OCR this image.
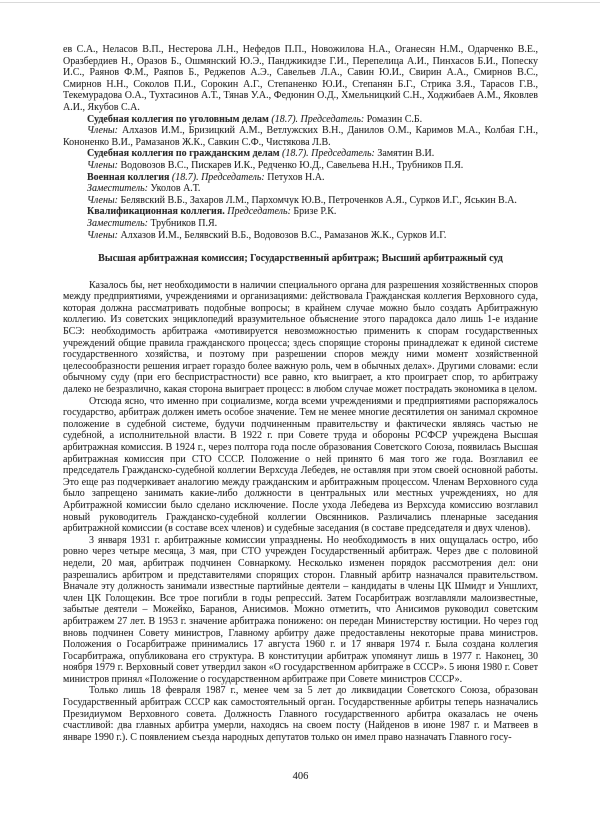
ев С.А., Неласов В.П., Нестерова Л.Н., Нефедов П.П., Новожилова Н.А., Оганесян Н.М., Одарченко В.Е., Оразбердиев Н., Оразов Б., Ошмянский Ю.Э., Панджикидзе Г.И., Перепелица А.И., Пинхасов Б.И., Попеску И.С., Раянов Ф.М., Раяпов Б., Реджепов А.Э., Савельев Л.А., Савин Ю.И., Свирин А.А., Смирнов В.С., Смирнов Н.Н., Соколов П.И., Сорокин А.Г., Степаненко Ю.И., Степанян Б.Г., Стрика З.Я., Тарасов Г.В., Текемурадова О.А., Тухтасинов А.Т., Тянав У.А., Федюнин О.Д., Хмельницкий С.Н., Ходжибаев А.М., Яковлев А.И., Якубов С.А.

Судебная коллегия по уголовным делам (18.7). Председатель: Ромазин С.Б.

Члены: Алхазов И.М., Бризицкий А.М., Ветлужских В.Н., Данилов О.М., Каримов М.А., Колбая Г.Н., Кононенко В.И., Рамазанов Ж.К., Савкин С.Ф., Чистякова Л.В.

Судебная коллегия по гражданским делам (18.7). Председатель: Замятин В.И.

Члены: Водовозов В.С., Пискарев И.К., Редченко Ю.Д., Савельева Н.Н., Трубников П.Я.

Военная коллегия (18.7). Председатель: Петухов Н.А.

Заместитель: Уколов А.Т.

Члены: Белявский В.Б., Захаров Л.М., Пархомчук Ю.В., Петроченков А.Я., Сурков И.Г., Яськин В.А.

Квалификационная коллегия. Председатель: Бризе Р.К.

Заместитель: Трубников П.Я.

Члены: Алхазов И.М., Белявский В.Б., Водовозов В.С., Рамазанов Ж.К., Сурков И.Г.

Высшая арбитражная комиссия; Государственный арбитраж; Высший арбитражный суд

Казалось бы, нет необходимости в наличии специального органа для разрешения хозяйственных споров между предприятиями, учреждениями и организациями: действовала Гражданская коллегия Верховного суда, которая должна рассматривать подобные вопросы; в крайнем случае можно было создать Арбитражную коллегию. Из советских энциклопедий вразумительное объяснение этого парадокса дало лишь 1-е издание БСЭ: необходимость арбитража «мотивируется невозможностью применить к спорам государственных учреждений общие правила гражданского процесса; здесь спорящие стороны принадлежат к единой системе государственного хозяйства, и поэтому при разрешении споров между ними момент хозяйственной целесообразности решения играет гораздо более важную роль, чем в обычных делах». Другими словами: если обычному суду (при его беспристрастности) все равно, кто выиграет, а кто проиграет спор, то арбитражу далеко не безразлично, какая сторона выиграет процесс: в любом случае может пострадать экономика в целом.

Отсюда ясно, что именно при социализме, когда всеми учреждениями и предприятиями распоряжалось государство, арбитраж должен иметь особое значение. Тем не менее многие десятилетия он занимал скромное положение в судебной системе, будучи подчиненным правительству и фактически являясь частью не судебной, а исполнительной власти. В 1922 г. при Совете труда и обороны РСФСР учреждена Высшая арбитражная комиссия. В 1924 г., через полтора года после образования Советского Союза, появилась Высшая арбитражная комиссия при СТО СССР. Положение о ней принято 6 мая того же года. Возглавил ее председатель Гражданско-судебной коллегии Верхсуда Лебедев, не оставляя при этом своей основной работы. Это еще раз подчеркивает аналогию между гражданским и арбитражным процессом. Членам Верховного суда было запрещено занимать какие-либо должности в центральных или местных учреждениях, но для Арбитражной комиссии было сделано исключение. После ухода Лебедева из Верхсуда комиссию возглавил новый руководитель Гражданско-судебной коллегии Овсянников. Различались пленарные заседания арбитражной комиссии (в составе всех членов) и судебные заседания (в составе председателя и двух членов).

3 января 1931 г. арбитражные комиссии упразднены. Но необходимость в них ощущалась остро, ибо ровно через четыре месяца, 3 мая, при СТО учрежден Государственный арбитраж. Через две с половиной недели, 20 мая, арбитраж подчинен Совнаркому. Несколько изменен порядок рассмотрения дел: они разрешались арбитром и представителями спорящих сторон. Главный арбитр назначался правительством. Вначале эту должность занимали известные партийные деятели – кандидаты в члены ЦК Шмидт и Уншлихт, член ЦК Голощекин. Все трое погибли в годы репрессий. Затем Госарбитраж возглавляли малоизвестные, забытые деятели – Можейко, Баранов, Анисимов. Можно отметить, что Анисимов руководил советским арбитражем 27 лет. В 1953 г. значение арбитража понижено: он передан Министерству юстиции. Но через год вновь подчинен Совету министров, Главному арбитру даже предоставлены некоторые права министров. Положения о Госарбитраже принимались 17 августа 1960 г. и 17 января 1974 г. Была создана коллегия Госарбитража, опубликована его структура. В конституции арбитраж упомянут лишь в 1977 г. Наконец, 30 ноября 1979 г. Верховный совет утвердил закон «О государственном арбитраже в СССР». 5 июня 1980 г. Совет министров принял «Положение о государственном арбитраже при Совете министров СССР».

Только лишь 18 февраля 1987 г., менее чем за 5 лет до ликвидации Советского Союза, образован Государственный арбитраж СССР как самостоятельный орган. Государственные арбитры теперь назначались Президиумом Верховного совета. Должность Главного государственного арбитра оказалась не очень счастливой: два главных арбитра умерли, находясь на своем посту (Найденов в июне 1987 г. и Матвеев в январе 1990 г.). С появлением съезда народных депутатов только он имел право назначать Главного госу-

406
